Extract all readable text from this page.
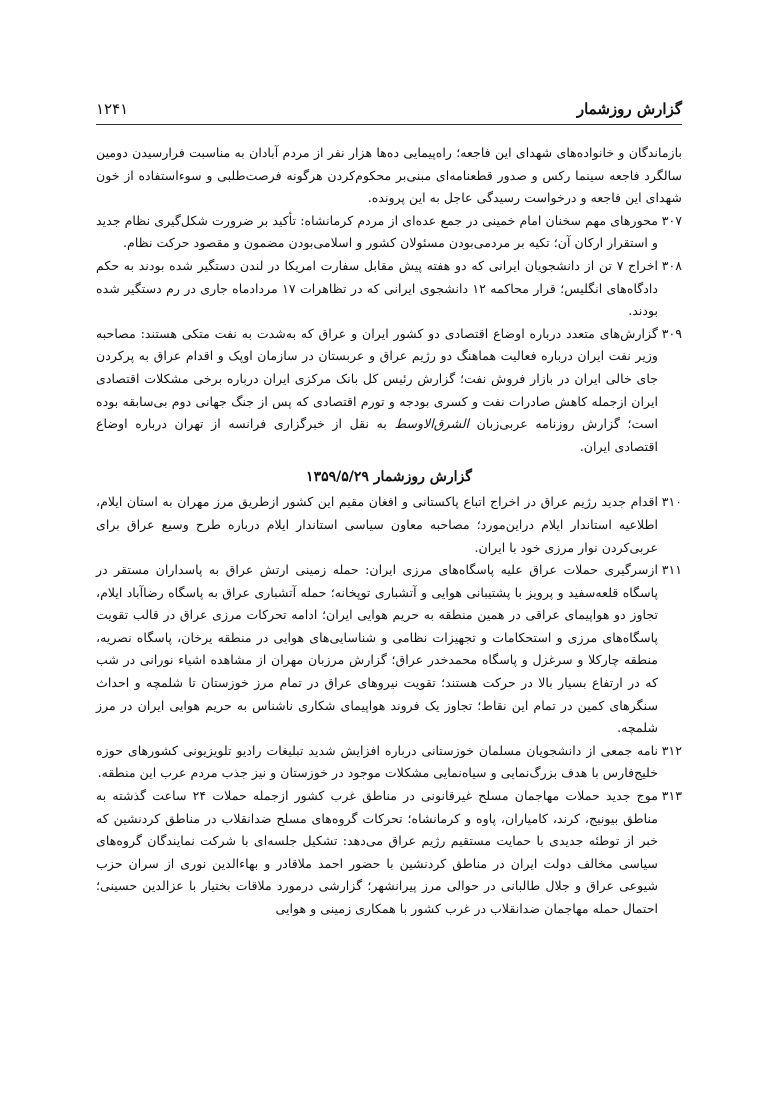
گزارش روزشمار
۱۲۴۱

بازماندگان و خانواده‌های شهدای این فاجعه؛ راه‌پیمایی ده‌ها هزار نفر از مردم آبادان به مناسبت فرارسیدن دومین سالگرد فاجعه سینما رکس و صدور قطعنامه‌ای مبنی‌بر محکوم‌کردن هرگونه فرصت‌طلبی و سوءاستفاده از خون شهدای این فاجعه و درخواست رسیدگی عاجل به این پرونده.

۳۰۷
محورهای مهم سخنان امام خمینی در جمع عده‌ای از مردم کرمانشاه: تأکید بر ضرورت شکل‌گیری نظام جدید و استقرار ارکان آن؛ تکیه بر مردمی‌بودن مسئولان کشور و اسلامی‌بودن مضمون و مقصود حرکت نظام.
۳۰۸
اخراج ۷ تن از دانشجویان ایرانی که دو هفته پیش مقابل سفارت امریکا در لندن دستگیر شده بودند به حکم دادگاه‌های انگلیس؛ قرار محاکمه ۱۲ دانشجوی ایرانی که در تظاهرات ۱۷ مردادماه جاری در رم دستگیر شده بودند.
۳۰۹
گزارش‌های متعدد درباره اوضاع اقتصادی دو کشور ایران و عراق که به‌شدت به نفت متکی هستند: مصاحبه وزیر نفت ایران درباره فعالیت هماهنگ دو رژیم عراق و عربستان در سازمان اوپک و اقدام عراق به پرکردن جای خالی ایران در بازار فروش نفت؛ گزارش رئیس کل بانک مرکزی ایران درباره برخی مشکلات اقتصادی ایران ازجمله کاهش صادرات نفت و کسری بودجه و تورم اقتصادی که پس از جنگ جهانی دوم بی‌سابقه بوده است؛ گزارش روزنامه عربی‌زبان الشرق‌الاوسط به نقل از خبرگزاری فرانسه از تهران درباره اوضاع اقتصادی ایران.
گزارش روزشمار ۱۳۵۹/۵/۲۹
۳۱۰
اقدام جدید رژیم عراق در اخراج اتباع پاکستانی و افغان مقیم این کشور ازطریق مرز مهران به استان ایلام، اطلاعیه استاندار ایلام دراین‌مورد؛ مصاحبه معاون سیاسی استاندار ایلام درباره طرح وسیع عراق برای عربی‌کردن نوار مرزی خود با ایران.
۳۱۱
ازسرگیری حملات عراق علیه پاسگاه‌های مرزی ایران: حمله زمینی ارتش عراق به پاسداران مستقر در پاسگاه قلعه‌سفید و پرویز با پشتیبانی هوایی و آتشباری توپخانه؛ حمله آتشباری عراق به پاسگاه رضاآباد ایلام، تجاوز دو هواپیمای عراقی در همین منطقه به حریم هوایی ایران؛ ادامه تحرکات مرزی عراق در قالب تقویت پاسگاه‌های مرزی و استحکامات و تجهیزات نظامی و شناسایی‌های هوایی در منطقه یرخان، پاسگاه نصریه، منطقه چارکلا و سرغزل و پاسگاه محمدخدر عراق؛ گزارش مرزبان مهران از مشاهده اشیاء نورانی در شب که در ارتفاع بسیار بالا در حرکت هستند؛ تقویت نیروهای عراق در تمام مرز خوزستان تا شلمچه و احداث سنگرهای کمین در تمام این نقاط؛ تجاوز یک فروند هواپیمای شکاری ناشناس به حریم هوایی ایران در مرز شلمچه.
۳۱۲
نامه جمعی از دانشجویان مسلمان خوزستانی درباره افزایش شدید تبلیغات رادیو تلویزیونی کشورهای حوزه خلیج‌فارس با هدف بزرگ‌نمایی و سیاه‌نمایی مشکلات موجود در خوزستان و نیز جذب مردم عرب این منطقه.
۳۱۳
موج جدید حملات مهاجمان مسلح غیرقانونی در مناطق غرب کشور ازجمله حملات ۲۴ ساعت گذشته به مناطق بیونیج، کرند، کامیاران، پاوه و کرمانشاه؛ تحرکات گروه‌های مسلح ضدانقلاب در مناطق کردنشین که خبر از توطئه جدیدی با حمایت مستقیم رژیم عراق می‌دهد: تشکیل جلسه‌ای با شرکت نمایندگان گروه‌های سیاسی مخالف دولت ایران در مناطق کردنشین با حضور احمد ملاقادر و بهاءالدین نوری از سران حزب شیوعی عراق و جلال طالبانی در حوالی مرز پیرانشهر؛ گزارشی درمورد ملاقات بختیار با عزالدین حسینی؛ احتمال حمله مهاجمان ضدانقلاب در غرب کشور با همکاری زمینی و هوایی
